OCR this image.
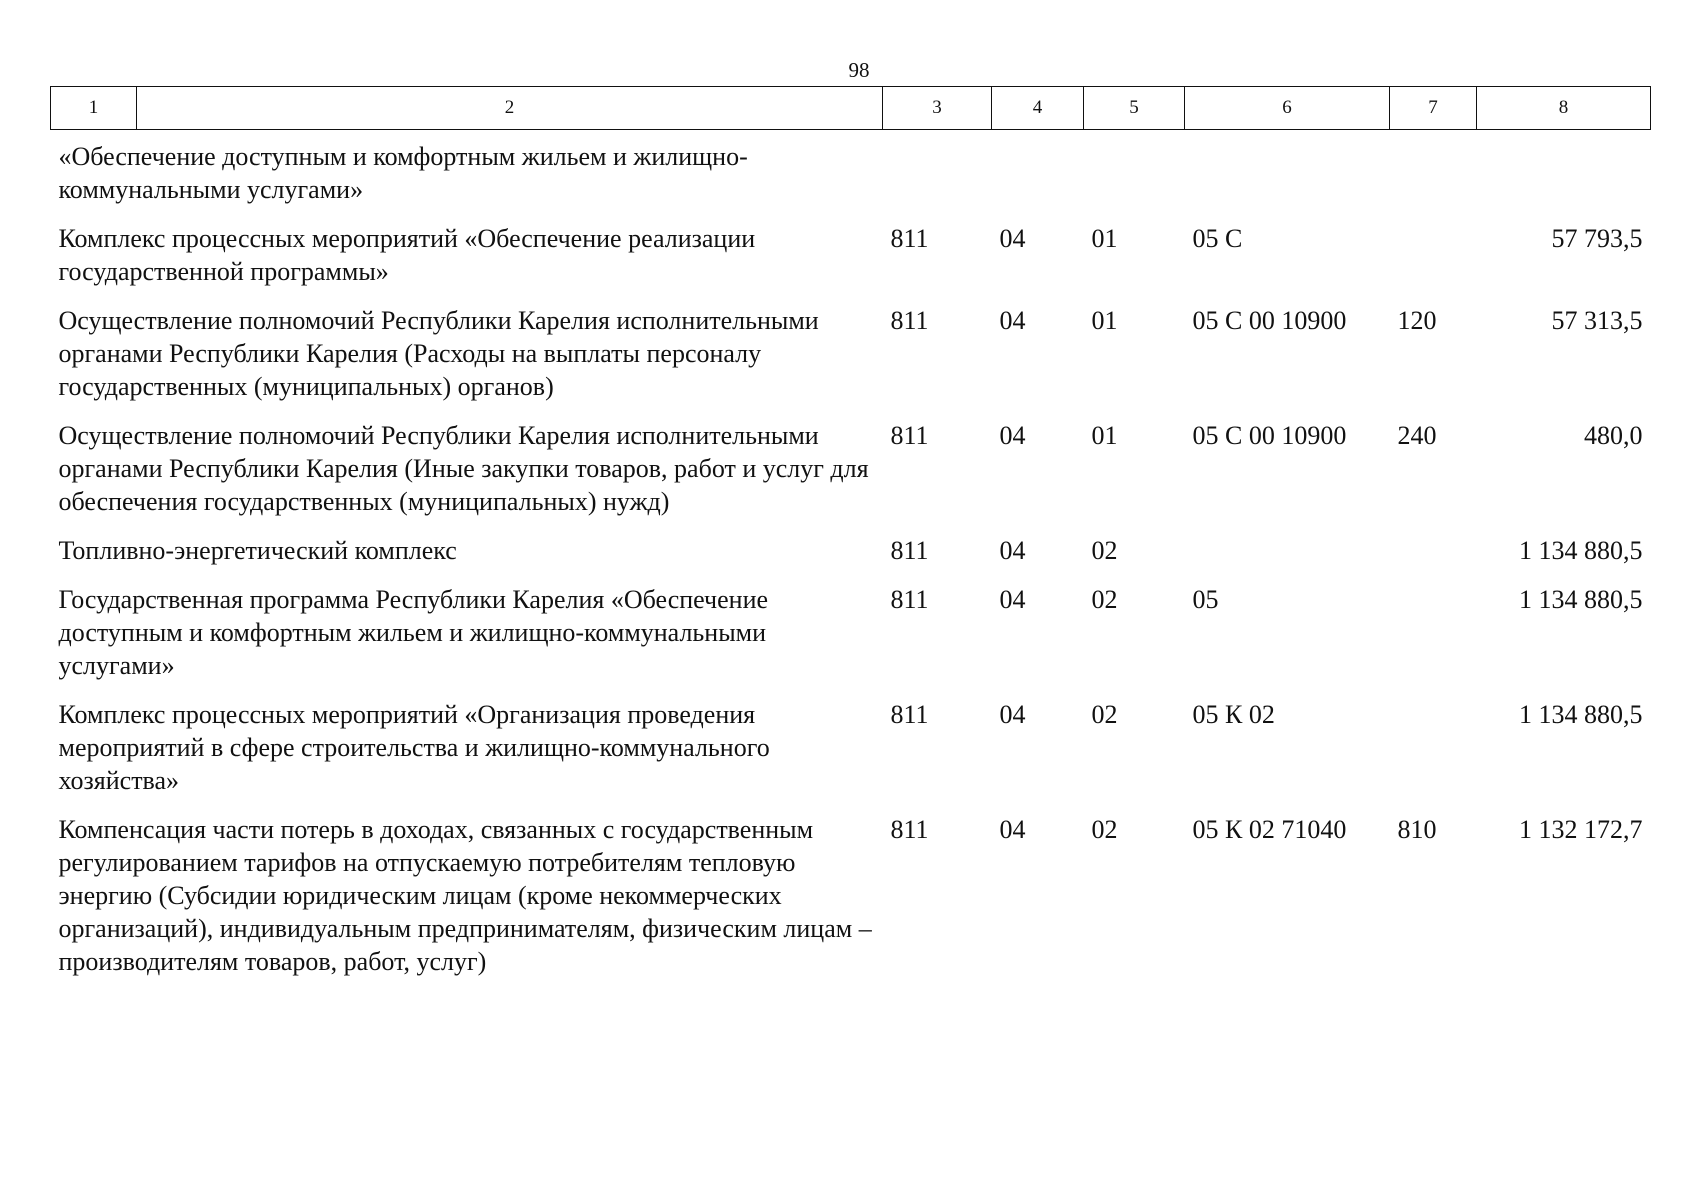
98
1	2	3	4	5	6	7	8
«Обеспечение доступным и комфортным жильем и жилищно-коммунальными услугами»							
Комплекс процессных мероприятий «Обеспечение реализации государственной программы»		811	04	01	05 С		57 793,5
Осуществление полномочий Республики Карелия исполнительными органами Республики Карелия (Расходы на выплаты персоналу государственных (муниципальных) органов)		811	04	01	05 С 00 10900	120	57 313,5
Осуществление полномочий Республики Карелия исполнительными органами Республики Карелия (Иные закупки товаров, работ и услуг для обеспечения государственных (муниципальных) нужд)		811	04	01	05 С 00 10900	240	480,0
Топливно-энергетический комплекс		811	04	02			1 134 880,5
Государственная программа Республики Карелия «Обеспечение доступным и комфортным жильем и жилищно-коммунальными услугами»		811	04	02	05		1 134 880,5
Комплекс процессных мероприятий «Организация проведения мероприятий в сфере строительства и жилищно-коммунального хозяйства»		811	04	02	05 К 02		1 134 880,5
Компенсация части потерь в доходах, связанных с государственным регулированием тарифов на отпускаемую потребителям тепловую энергию (Субсидии юридическим лицам (кроме некоммерческих организаций), индивидуальным предпринимателям, физическим лицам – производителям товаров, работ, услуг)		811	04	02	05 К 02 71040	810	1 132 172,7
